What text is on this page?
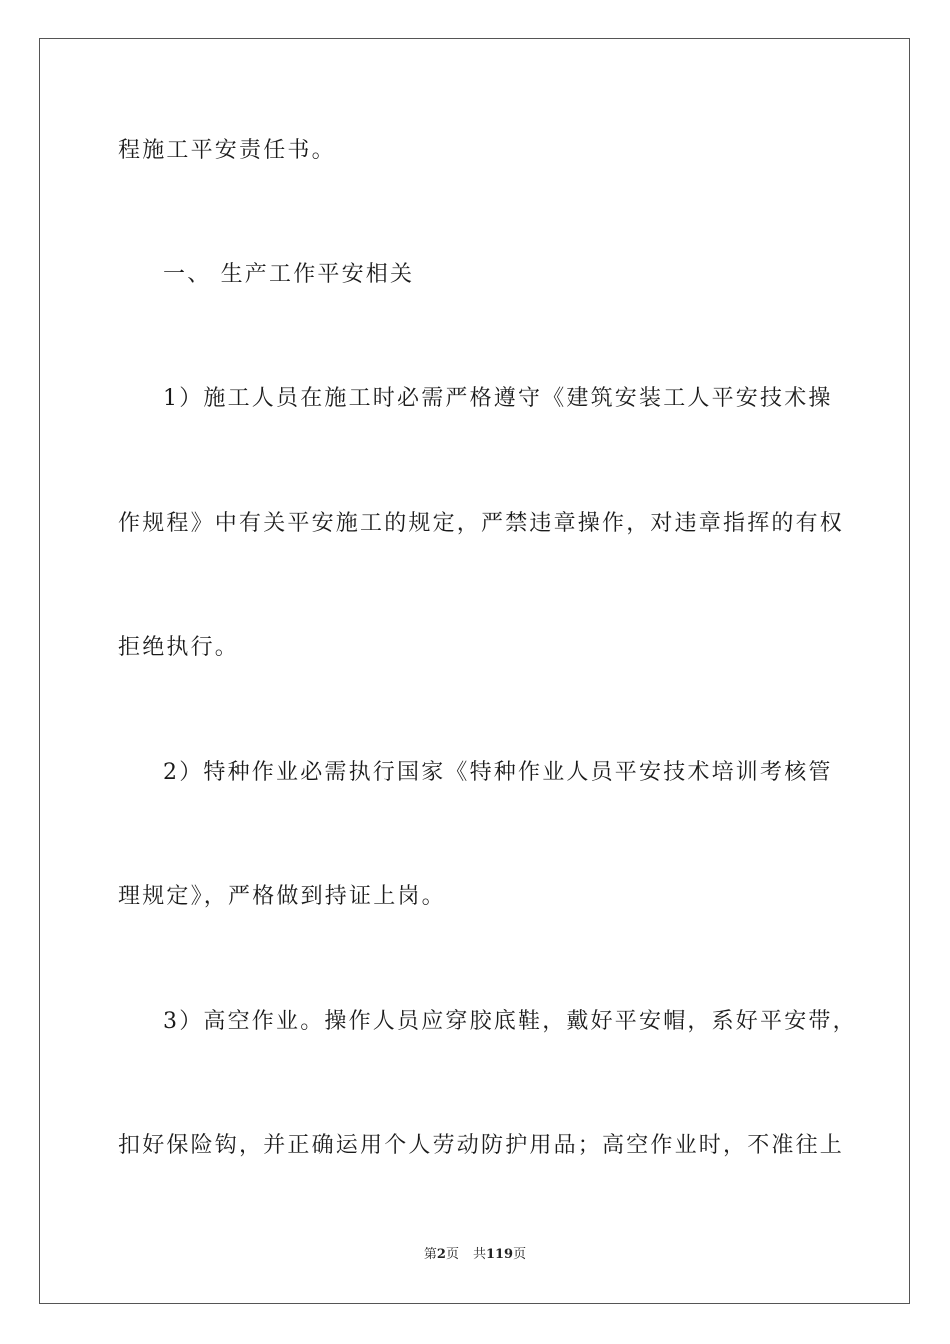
程施工平安责任书。
一、 生产工作平安相关
1）施工人员在施工时必需严格遵守《建筑安装工人平安技术操
作规程》中有关平安施工的规定，严禁违章操作，对违章指挥的有权
拒绝执行。
2）特种作业必需执行国家《特种作业人员平安技术培训考核管
理规定》，严格做到持证上岗。
3）高空作业。操作人员应穿胶底鞋，戴好平安帽，系好平安带，
扣好保险钩，并正确运用个人劳动防护用品；高空作业时，不准往上
第2页 共119页
